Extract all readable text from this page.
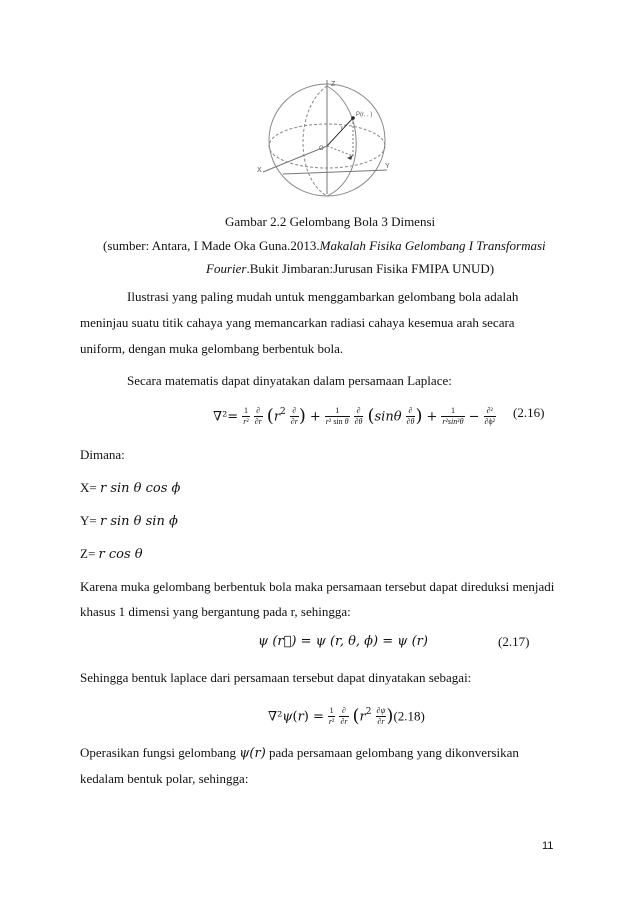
Z
X
Y
O
r
P(r, , )
Gambar 2.2 Gelombang Bola 3 Dimensi
(sumber: Antara, I Made Oka Guna.2013.Makalah Fisika Gelombang I Transformasi
Fourier.Bukit Jimbaran:Jurusan Fisika FMIPA UNUD)
Ilustrasi yang paling mudah untuk menggambarkan gelombang bola adalah
meninjau suatu titik cahaya yang memancarkan radiasi cahaya kesemua arah secara
uniform, dengan muka gelombang berbentuk bola.
Secara matematis dapat dinyatakan dalam persamaan Laplace:
$\nabla^2= \frac{1}{\text{r²}}$
$\frac{\partial}{\partial r} (r^2 \frac{\partial}{\partial r}$ ) + $\frac{1}{\text{r² sin θ}}$
$\frac{\partial}{\partial\theta} (\sin\theta \frac{\partial}{\partial\theta}$ ) + $\frac{1}{\text{r²sin²θ}} - \frac{\text{∂²}}{\text{∂ϕ²}} (2.16)$
Dimana:
X= r sin θ cos ϕ
Y= r sin θ sin ϕ
Z= r cos θ
Karena muka gelombang berbentuk bola maka persamaan tersebut dapat direduksi menjadi
khasus 1 dimensi yang bergantung pada r, sehingga:
ψ (r⃗) = ψ (r, θ, ϕ) = ψ (r)	(2.17)
Sehingga bentuk laplace dari persamaan tersebut dapat dinyatakan sebagai:
$\nabla^2\psi(r) = \frac{1}{\text{r²}}$
$\frac{\partial}{\partial r} (r^2 \frac{\partial\psi}{\partial r} )(2.18)$
Operasikan fungsi gelombang ψ(r) pada persamaan gelombang yang dikonversikan
kedalam bentuk polar, sehingga:
11
